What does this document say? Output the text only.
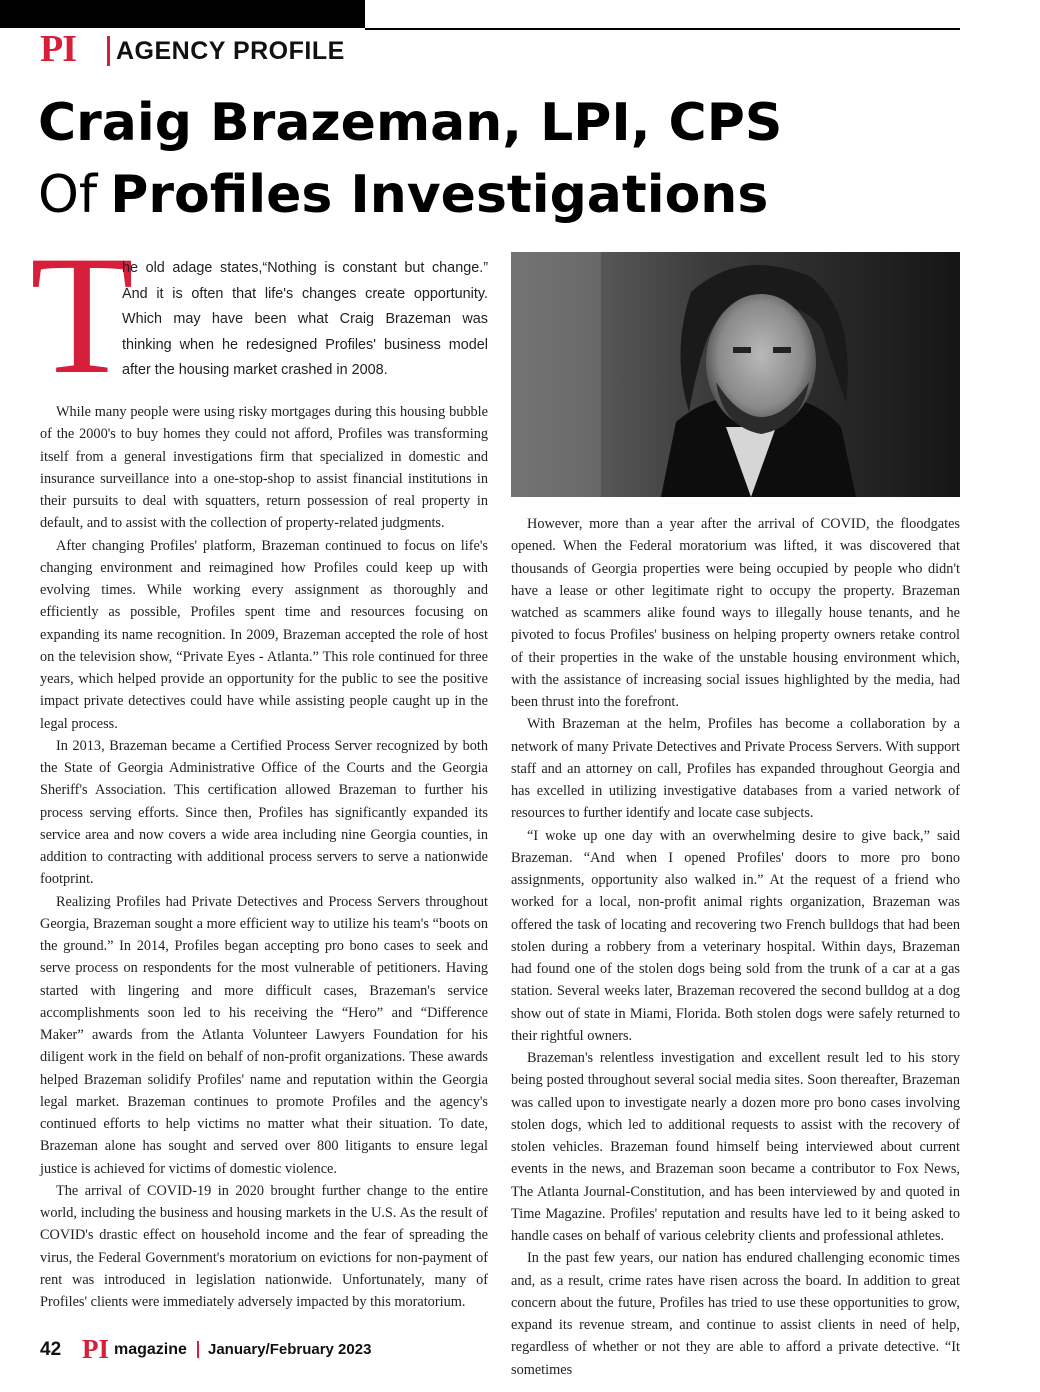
PI AGENCY PROFILE
Craig Brazeman, LPI, CPS
Of Profiles Investigations
T

he old adage states,“Nothing is constant but change.” And it is often that life's changes create opportunity. Which may have been what Craig Brazeman was thinking when he redesigned Profiles' business model after the housing market crashed in 2008.

While many people were using risky mortgages during this housing bubble of the 2000's to buy homes they could not afford, Profiles was transforming itself from a general investigations firm that specialized in domestic and insurance surveillance into a one-stop-shop to assist financial institutions in their pursuits to deal with squatters, return possession of real property in default, and to assist with the collection of property-related judgments.

After changing Profiles' platform, Brazeman continued to focus on life's changing environment and reimagined how Profiles could keep up with evolving times. While working every assignment as thoroughly and efficiently as possible, Profiles spent time and resources focusing on expanding its name recognition. In 2009, Brazeman accepted the role of host on the television show, “Private Eyes - Atlanta.” This role continued for three years, which helped provide an opportunity for the public to see the positive impact private detectives could have while assisting people caught up in the legal process.

In 2013, Brazeman became a Certified Process Server recognized by both the State of Georgia Administrative Office of the Courts and the Georgia Sheriff's Association. This certification allowed Brazeman to further his process serving efforts. Since then, Profiles has significantly expanded its service area and now covers a wide area including nine Georgia counties, in addition to contracting with additional process servers to serve a nationwide footprint.

Realizing Profiles had Private Detectives and Process Servers throughout Georgia, Brazeman sought a more efficient way to utilize his team's “boots on the ground.” In 2014, Profiles began accepting pro bono cases to seek and serve process on respondents for the most vulnerable of petitioners. Having started with lingering and more difficult cases, Brazeman's service accomplishments soon led to his receiving the “Hero” and “Difference Maker” awards from the Atlanta Volunteer Lawyers Foundation for his diligent work in the field on behalf of non-profit organizations. These awards helped Brazeman solidify Profiles' name and reputation within the Georgia legal market. Brazeman continues to promote Profiles and the agency's continued efforts to help victims no matter what their situation. To date, Brazeman alone has sought and served over 800 litigants to ensure legal justice is achieved for victims of domestic violence.

The arrival of COVID-19 in 2020 brought further change to the entire world, including the business and housing markets in the U.S. As the result of COVID's drastic effect on household income and the fear of spreading the virus, the Federal Government's moratorium on evictions for non-payment of rent was introduced in legislation nationwide. Unfortunately, many of Profiles' clients were immediately adversely impacted by this moratorium.

However, more than a year after the arrival of COVID, the floodgates opened. When the Federal moratorium was lifted, it was discovered that thousands of Georgia properties were being occupied by people who didn't have a lease or other legitimate right to occupy the property. Brazeman watched as scammers alike found ways to illegally house tenants, and he pivoted to focus Profiles' business on helping property owners retake control of their properties in the wake of the unstable housing environment which, with the assistance of increasing social issues highlighted by the media, had been thrust into the forefront.

With Brazeman at the helm, Profiles has become a collaboration by a network of many Private Detectives and Private Process Servers. With support staff and an attorney on call, Profiles has expanded throughout Georgia and has excelled in utilizing investigative databases from a varied network of resources to further identify and locate case subjects.

“I woke up one day with an overwhelming desire to give back,” said Brazeman. “And when I opened Profiles' doors to more pro bono assignments, opportunity also walked in.” At the request of a friend who worked for a local, non-profit animal rights organization, Brazeman was offered the task of locating and recovering two French bulldogs that had been stolen during a robbery from a veterinary hospital. Within days, Brazeman had found one of the stolen dogs being sold from the trunk of a car at a gas station. Several weeks later, Brazeman recovered the second bulldog at a dog show out of state in Miami, Florida. Both stolen dogs were safely returned to their rightful owners.

Brazeman's relentless investigation and excellent result led to his story being posted throughout several social media sites. Soon thereafter, Brazeman was called upon to investigate nearly a dozen more pro bono cases involving stolen dogs, which led to additional requests to assist with the recovery of stolen vehicles. Brazeman found himself being interviewed about current events in the news, and Brazeman soon became a contributor to Fox News, The Atlanta Journal-Constitution, and has been interviewed by and quoted in Time Magazine. Profiles' reputation and results have led to it being asked to handle cases on behalf of various celebrity clients and professional athletes.

In the past few years, our nation has endured challenging economic times and, as a result, crime rates have risen across the board. In addition to great concern about the future, Profiles has tried to use these opportunities to grow, expand its revenue stream, and continue to assist clients in need of help, regardless of whether or not they are able to afford a private detective. “It sometimes

42 PI magazine January/February 2023
